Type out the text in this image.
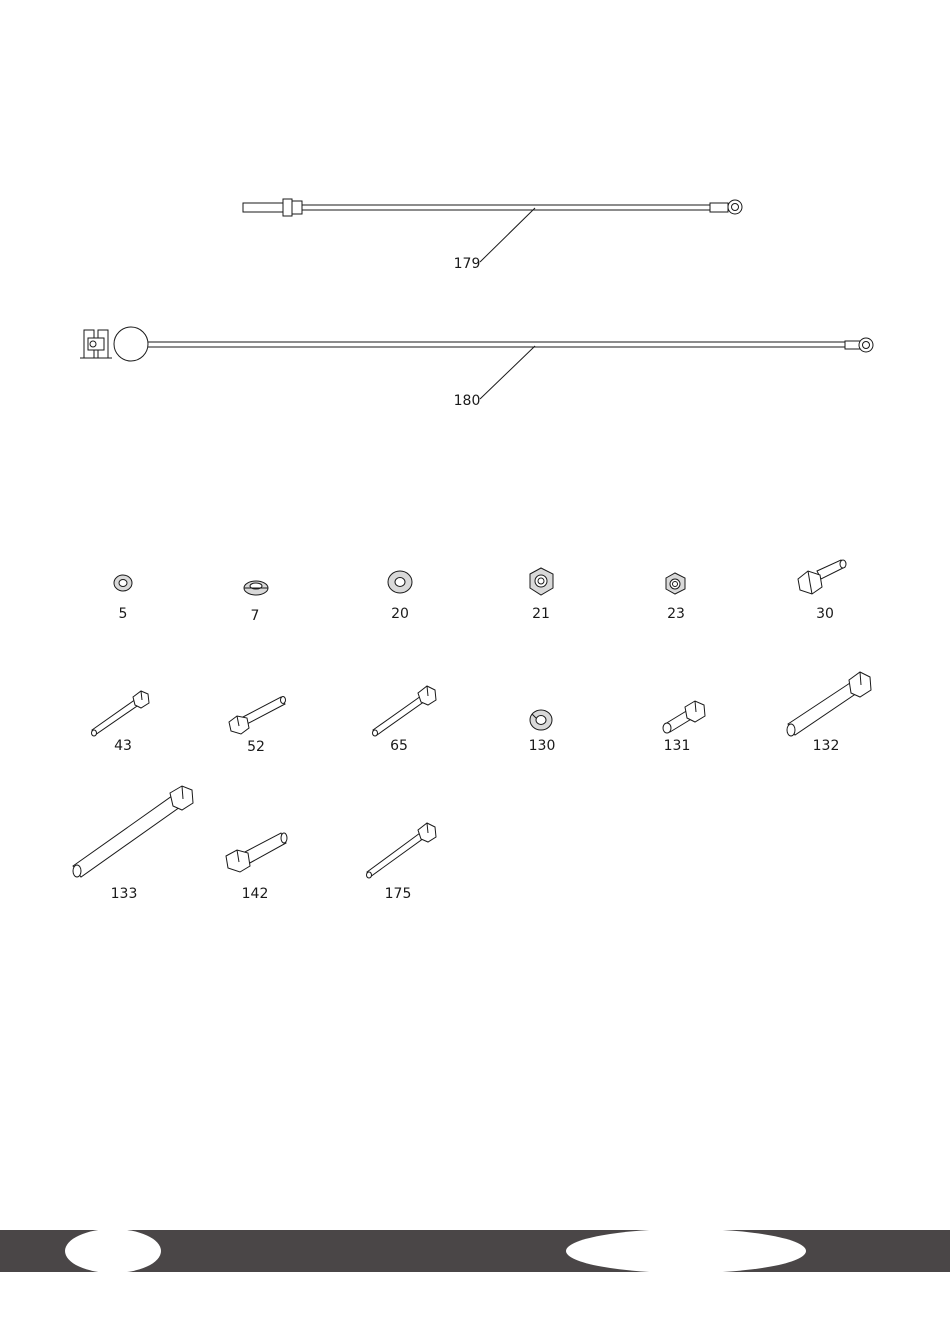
179
180
5	7	20	21	23	30
43	52	65	130	131	132
133	142	175
